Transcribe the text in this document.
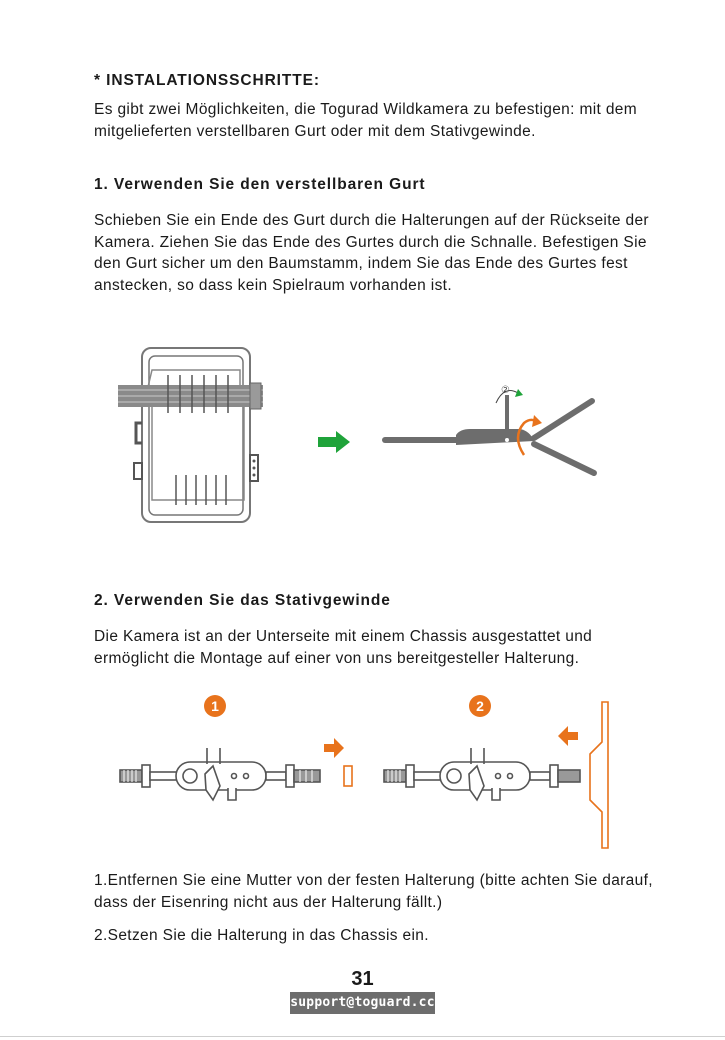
* INSTALATIONSSCHRITTE:
Es gibt zwei Möglichkeiten, die Togurad Wildkamera zu befestigen: mit dem mitgelieferten verstellbaren Gurt oder mit dem Stativgewinde.
1. Verwenden Sie den verstellbaren Gurt
Schieben Sie ein Ende des Gurt durch die Halterungen auf der Rückseite der Kamera. Ziehen Sie das Ende des Gurtes durch die Schnalle. Befestigen Sie den Gurt sicher um den Baumstamm, indem Sie das Ende des Gurtes fest anstecken, so dass kein Spielraum vorhanden ist.
②
2. Verwenden Sie das Stativgewinde
Die Kamera ist an der Unterseite mit einem Chassis ausgestattet und ermöglicht die Montage auf einer von uns bereitgesteller Halterung.
1	2
1.Entfernen Sie eine Mutter von der festen Halterung (bitte achten Sie darauf, dass der Eisenring nicht aus der Halterung fällt.)
2.Setzen Sie die Halterung in das Chassis ein.
31
support@toguard.cc
